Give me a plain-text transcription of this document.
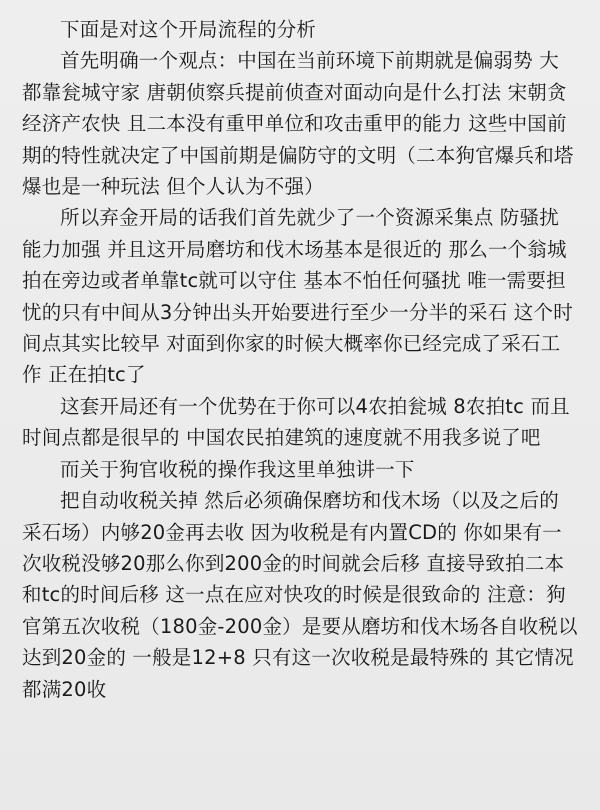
下面是对这个开局流程的分析

首先明确一个观点：中国在当前环境下前期就是偏弱势 大都靠瓮城守家 唐朝侦察兵提前侦查对面动向是什么打法 宋朝贪经济产农快 且二本没有重甲单位和攻击重甲的能力 这些中国前期的特性就决定了中国前期是偏防守的文明（二本狗官爆兵和塔爆也是一种玩法 但个人认为不强）

所以弃金开局的话我们首先就少了一个资源采集点 防骚扰能力加强 并且这开局磨坊和伐木场基本是很近的 那么一个翁城拍在旁边或者单靠tc就可以守住 基本不怕任何骚扰 唯一需要担忧的只有中间从3分钟出头开始要进行至少一分半的采石 这个时间点其实比较早 对面到你家的时候大概率你已经完成了采石工作 正在拍tc了

这套开局还有一个优势在于你可以4农拍瓮城 8农拍tc 而且时间点都是很早的 中国农民拍建筑的速度就不用我多说了吧

而关于狗官收税的操作我这里单独讲一下

把自动收税关掉 然后必须确保磨坊和伐木场（以及之后的采石场）内够20金再去收 因为收税是有内置CD的 你如果有一次收税没够20那么你到200金的时间就会后移 直接导致拍二本和tc的时间后移 这一点在应对快攻的时候是很致命的 注意：狗官第五次收税（180金-200金）是要从磨坊和伐木场各自收税以达到20金的 一般是12+8 只有这一次收税是最特殊的 其它情况都满20收
